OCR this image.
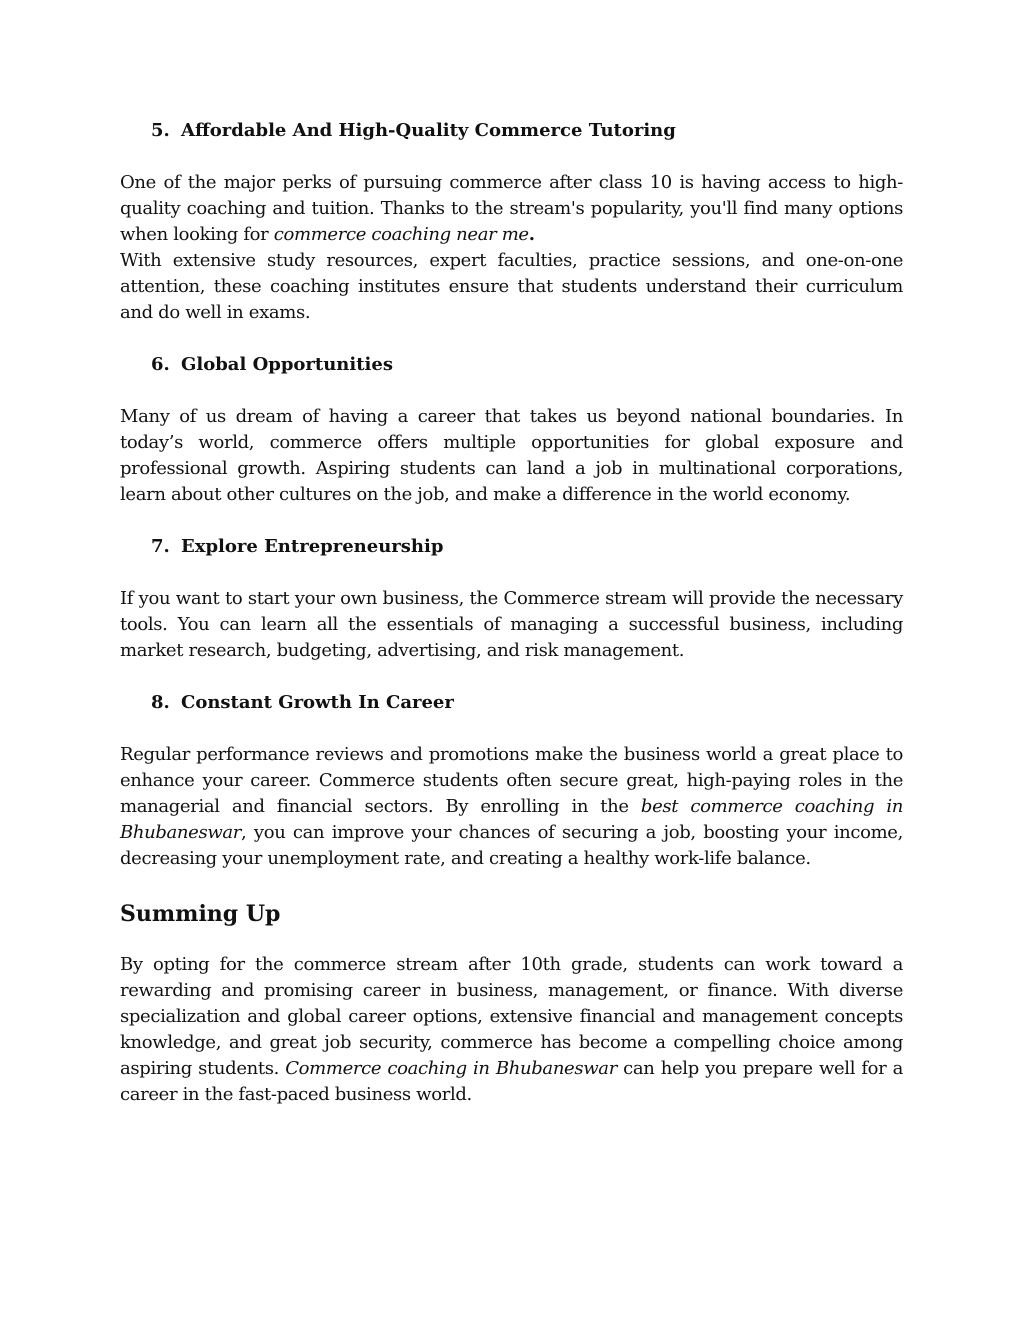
5. Affordable And High-Quality Commerce Tutoring

One of the major perks of pursuing commerce after class 10 is having access to high-quality coaching and tuition. Thanks to the stream's popularity, you'll find many options when looking for commerce coaching near me.

With extensive study resources, expert faculties, practice sessions, and one-on-one attention, these coaching institutes ensure that students understand their curriculum and do well in exams.

6. Global Opportunities

Many of us dream of having a career that takes us beyond national boundaries. In today’s world, commerce offers multiple opportunities for global exposure and professional growth. Aspiring students can land a job in multinational corporations, learn about other cultures on the job, and make a difference in the world economy.

7. Explore Entrepreneurship

If you want to start your own business, the Commerce stream will provide the necessary tools. You can learn all the essentials of managing a successful business, including market research, budgeting, advertising, and risk management.

8. Constant Growth In Career

Regular performance reviews and promotions make the business world a great place to enhance your career. Commerce students often secure great, high-paying roles in the managerial and financial sectors. By enrolling in the best commerce coaching in Bhubaneswar, you can improve your chances of securing a job, boosting your income, decreasing your unemployment rate, and creating a healthy work-life balance.

Summing Up

By opting for the commerce stream after 10th grade, students can work toward a rewarding and promising career in business, management, or finance. With diverse specialization and global career options, extensive financial and management concepts knowledge, and great job security, commerce has become a compelling choice among aspiring students. Commerce coaching in Bhubaneswar can help you prepare well for a career in the fast-paced business world.
